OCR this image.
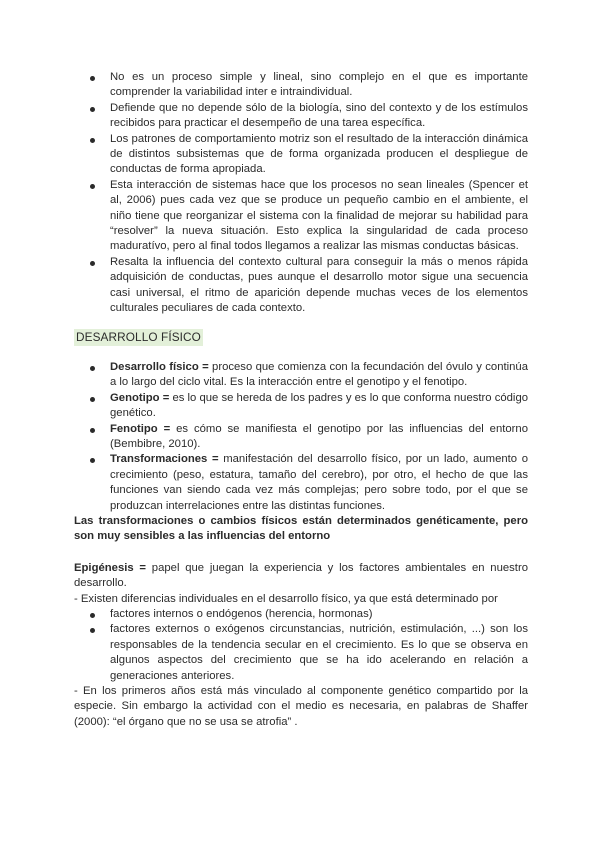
No es un proceso simple y lineal, sino complejo en el que es importante comprender la variabilidad inter e intraindividual.
Defiende que no depende sólo de la biología, sino del contexto y de los estímulos recibidos para practicar el desempeño de una tarea específica.
Los patrones de comportamiento motriz son el resultado de la interacción dinámica de distintos subsistemas que de forma organizada producen el despliegue de conductas de forma apropiada.
Esta interacción de sistemas hace que los procesos no sean lineales (Spencer et al, 2006) pues cada vez que se produce un pequeño cambio en el ambiente, el niño tiene que reorganizar el sistema con la finalidad de mejorar su habilidad para “resolver” la nueva situación. Esto explica la singularidad de cada proceso maduratívo, pero al final todos llegamos a realizar las mismas conductas básicas.
Resalta la influencia del contexto cultural para conseguir la más o menos rápida adquisición de conductas, pues aunque el desarrollo motor sigue una secuencia casi universal, el ritmo de aparición depende muchas veces de los elementos culturales peculiares de cada contexto.
DESARROLLO FÍSICO
Desarrollo físico = proceso que comienza con la fecundación del óvulo y continúa a lo largo del ciclo vital. Es la interacción entre el genotipo y el fenotipo.
Genotipo = es lo que se hereda de los padres y es lo que conforma nuestro código genético.
Fenotipo = es cómo se manifiesta el genotipo por las influencias del entorno (Bembibre, 2010).
Transformaciones = manifestación del desarrollo físico, por un lado, aumento o crecimiento (peso, estatura, tamaño del cerebro), por otro, el hecho de que las funciones van siendo cada vez más complejas; pero sobre todo, por el que se produzcan interrelaciones entre las distintas funciones.
Las transformaciones o cambios físicos están determinados genéticamente, pero son muy sensibles a las influencias del entorno
Epigénesis = papel que juegan la experiencia y los factores ambientales en nuestro desarrollo.
- Existen diferencias individuales en el desarrollo físico, ya que está determinado por
factores internos o endógenos (herencia, hormonas)
factores externos o exógenos circunstancias, nutrición, estimulación, ...) son los responsables de la tendencia secular en el crecimiento. Es lo que se observa en algunos aspectos del crecimiento que se ha ido acelerando en relación a generaciones anteriores.
- En los primeros años está más vinculado al componente genético compartido por la especie. Sin embargo la actividad con el medio es necesaria, en palabras de Shaffer (2000): “el órgano que no se usa se atrofia” .
